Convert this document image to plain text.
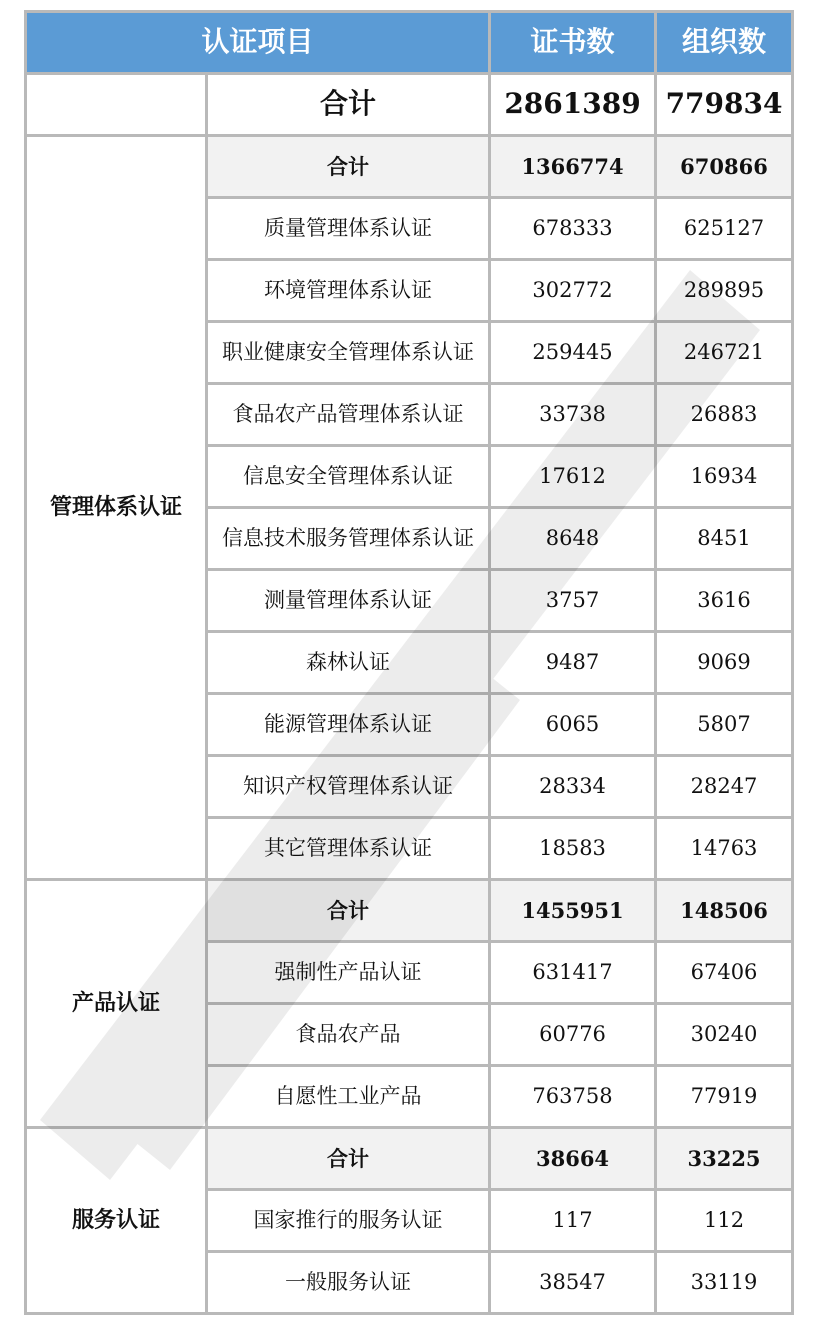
认证项目		证书数	组织数
	合计	2861389	779834
管理体系认证	合计	1366774	670866
	质量管理体系认证	678333	625127
	环境管理体系认证	302772	289895
	职业健康安全管理体系认证	259445	246721
	食品农产品管理体系认证	33738	26883
	信息安全管理体系认证	17612	16934
	信息技术服务管理体系认证	8648	8451
	测量管理体系认证	3757	3616
	森林认证	9487	9069
	能源管理体系认证	6065	5807
	知识产权管理体系认证	28334	28247
	其它管理体系认证	18583	14763
产品认证	合计	1455951	148506
	强制性产品认证	631417	67406
	食品农产品	60776	30240
	自愿性工业产品	763758	77919
服务认证	合计	38664	33225
	国家推行的服务认证	117	112
	一般服务认证	38547	33119
